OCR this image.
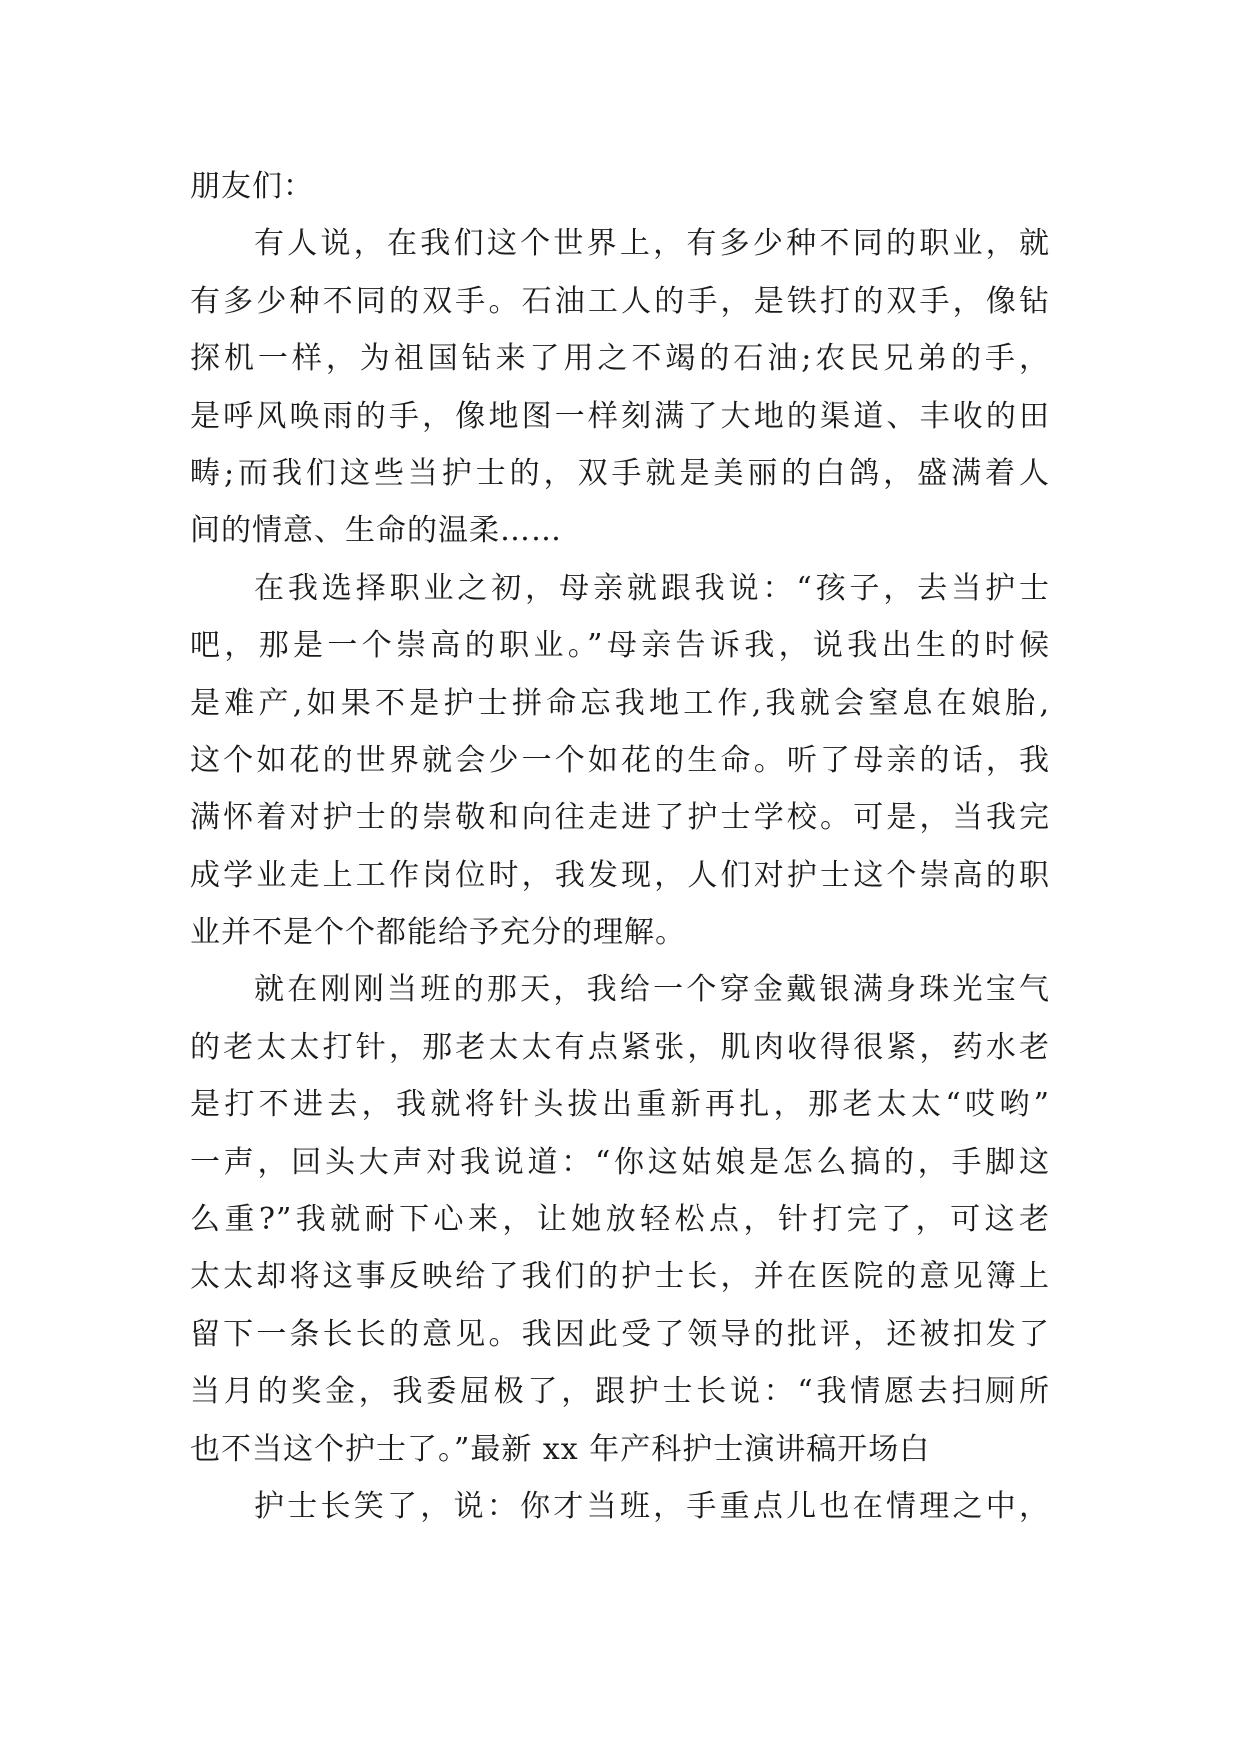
朋友们：
有人说，在我们这个世界上，有多少种不同的职业，就
有多少种不同的双手。石油工人的手，是铁打的双手，像钻
探机一样，为祖国钻来了用之不竭的石油;农民兄弟的手，
是呼风唤雨的手，像地图一样刻满了大地的渠道、丰收的田
畴;而我们这些当护士的，双手就是美丽的白鸽，盛满着人
间的情意、生命的温柔……
在我选择职业之初，母亲就跟我说：“孩子，去当护士
吧，那是一个崇高的职业。”母亲告诉我，说我出生的时候
是难产,如果不是护士拼命忘我地工作,我就会窒息在娘胎,
这个如花的世界就会少一个如花的生命。听了母亲的话，我
满怀着对护士的崇敬和向往走进了护士学校。可是，当我完
成学业走上工作岗位时，我发现，人们对护士这个崇高的职
业并不是个个都能给予充分的理解。
就在刚刚当班的那天，我给一个穿金戴银满身珠光宝气
的老太太打针，那老太太有点紧张，肌肉收得很紧，药水老
是打不进去，我就将针头拔出重新再扎，那老太太“哎哟”
一声，回头大声对我说道：“你这姑娘是怎么搞的，手脚这
么重?”我就耐下心来，让她放轻松点，针打完了，可这老
太太却将这事反映给了我们的护士长，并在医院的意见簿上
留下一条长长的意见。我因此受了领导的批评，还被扣发了
当月的奖金，我委屈极了，跟护士长说：“我情愿去扫厕所
也不当这个护士了。”最新 xx 年产科护士演讲稿开场白
护士长笑了，说：你才当班，手重点儿也在情理之中，
